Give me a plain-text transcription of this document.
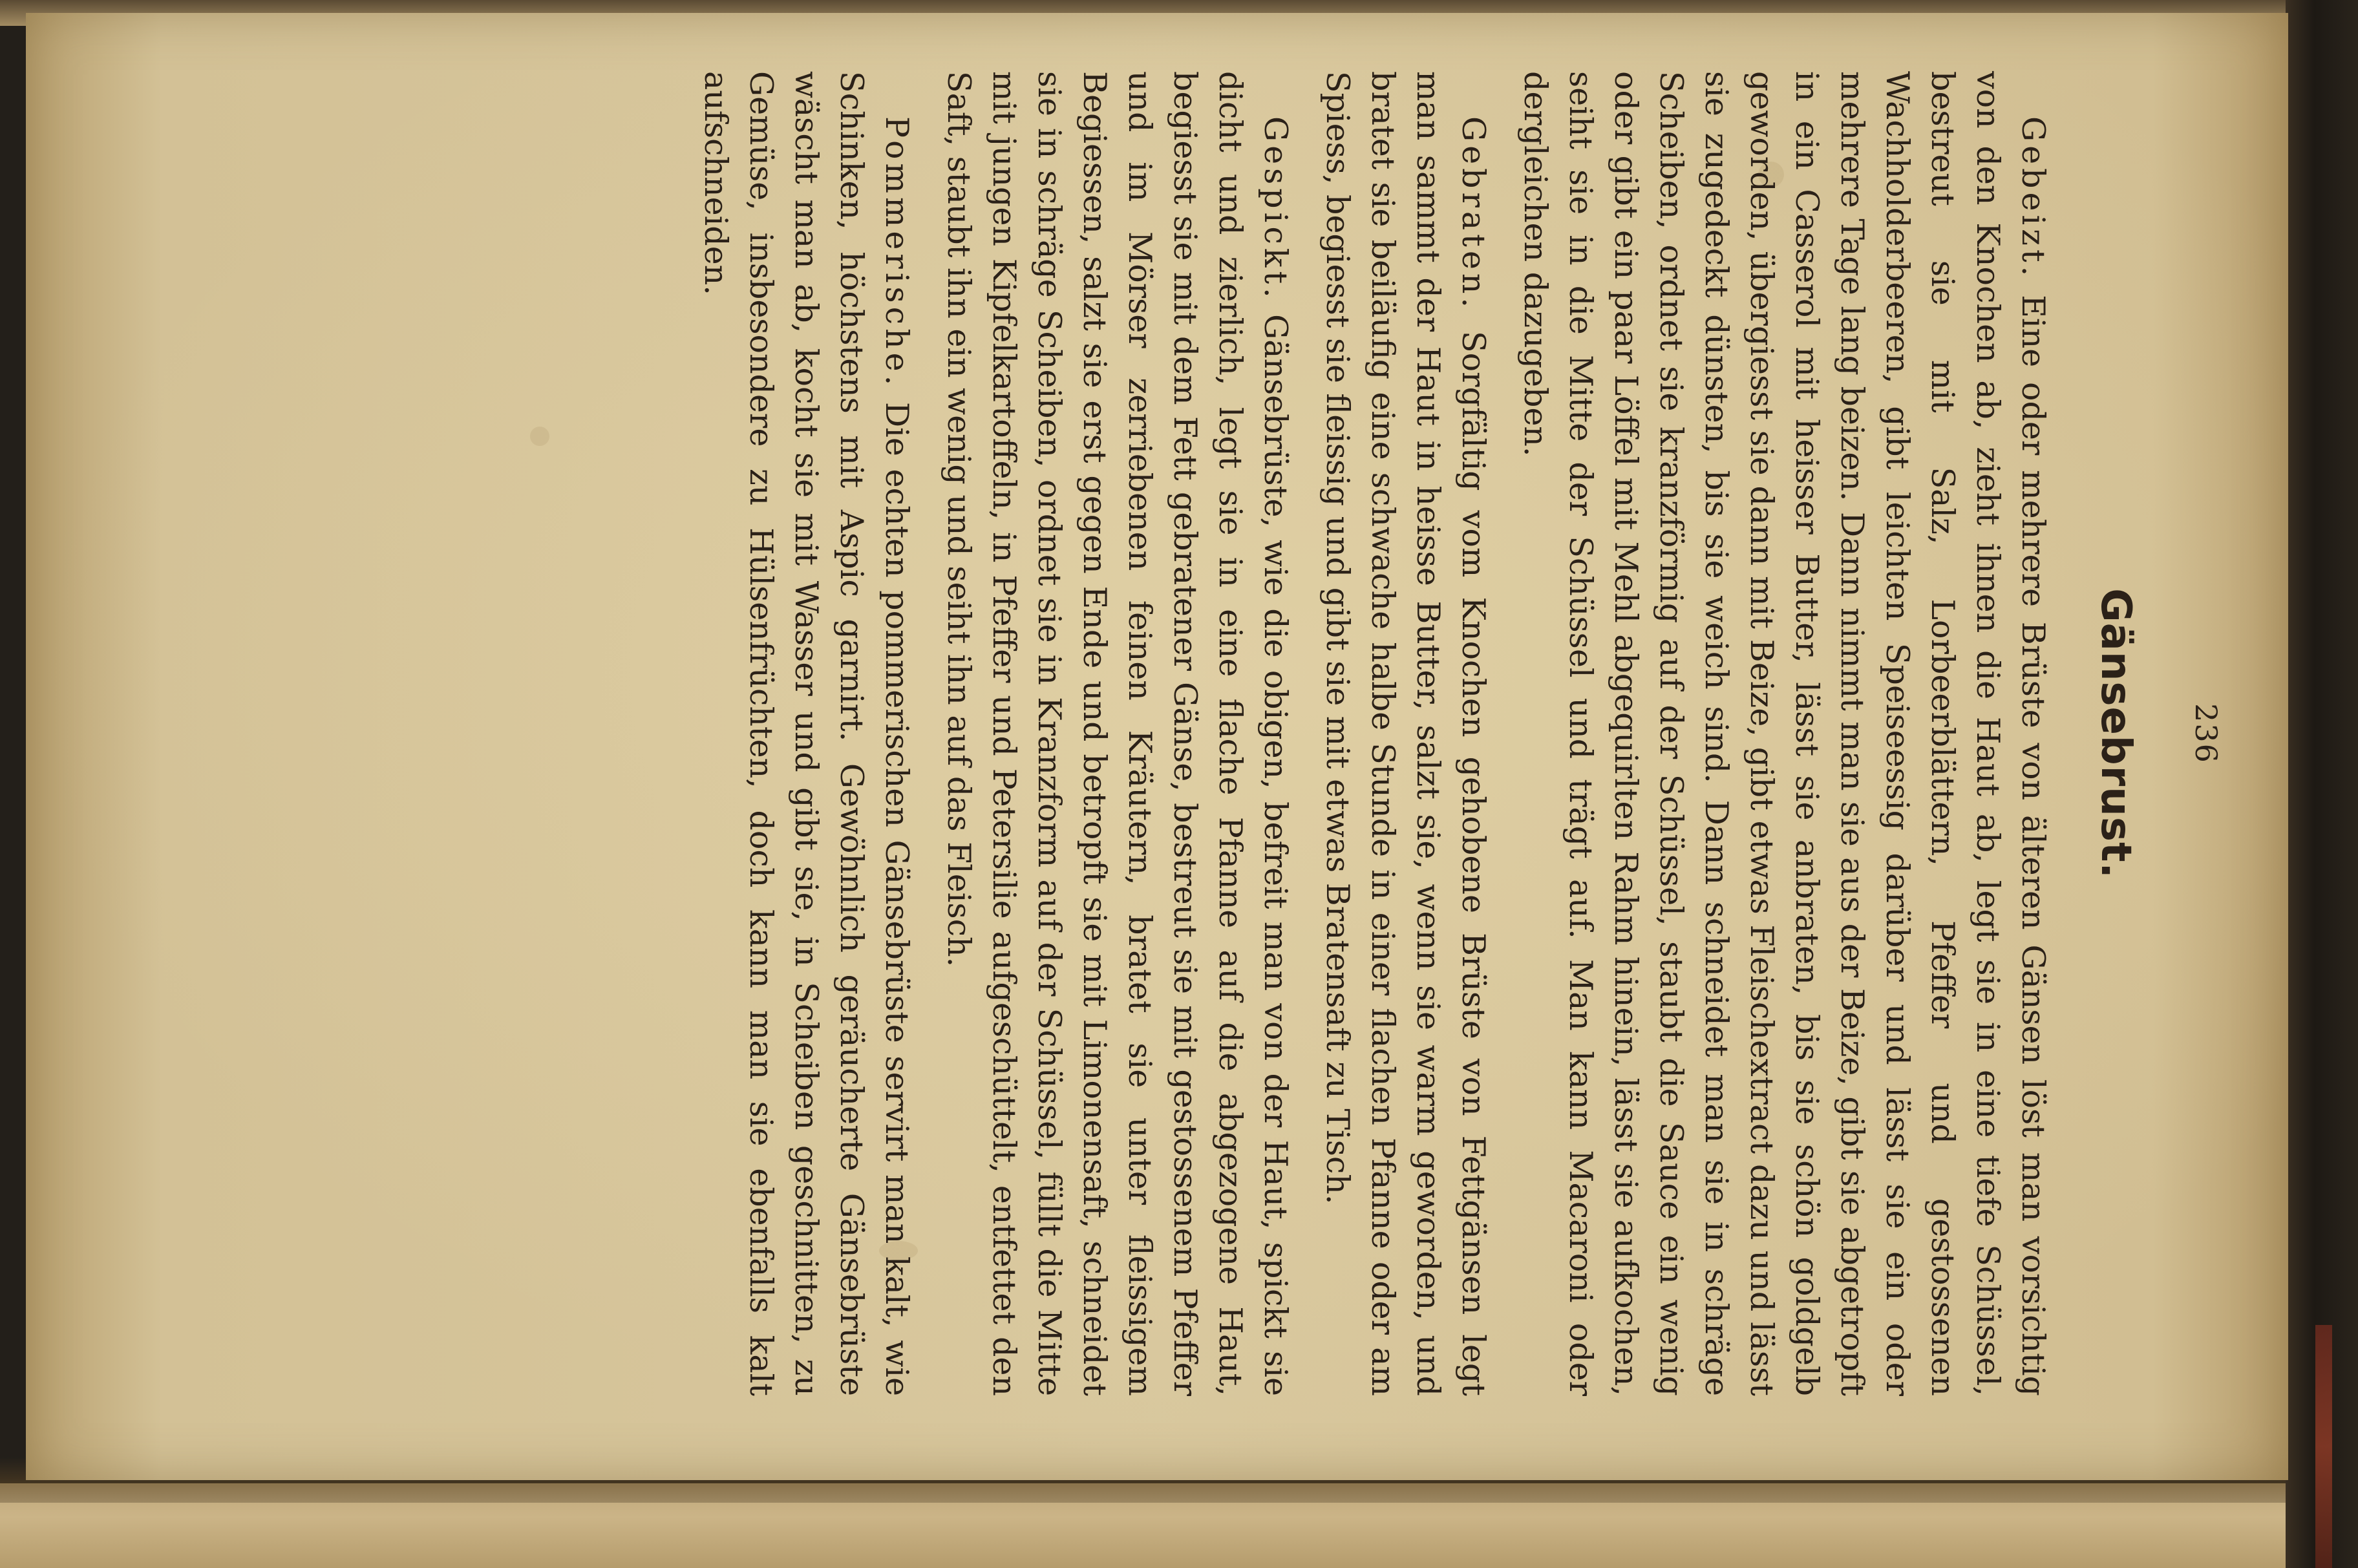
236
Gänsebrust.

Gebeizt. Eine oder mehrere Brüste von älteren Gänsen löst man vorsichtig von den Knochen ab, zieht ihnen die Haut ab, legt sie in eine tiefe Schüssel, bestreut sie mit Salz, Lorbeerblättern, Pfeffer und gestossenen Wachholderbeeren, gibt leichten Speiseessig darüber und lässt sie ein oder mehrere Tage lang beizen. Dann nimmt man sie aus der Beize, gibt sie abgetropft in ein Casserol mit heisser Butter, lässt sie anbraten, bis sie schön goldgelb geworden, übergiesst sie dann mit Beize, gibt etwas Fleischextract dazu und lässt sie zugedeckt dünsten, bis sie weich sind. Dann schneidet man sie in schräge Scheiben, ordnet sie kranzförmig auf der Schüssel, staubt die Sauce ein wenig oder gibt ein paar Löffel mit Mehl abgequirlten Rahm hinein, lässt sie aufkochen, seiht sie in die Mitte der Schüssel und trägt auf. Man kann Macaroni oder dergleichen dazugeben.

Gebraten. Sorgfältig vom Knochen gehobene Brüste von Fettgänsen legt man sammt der Haut in heisse Butter, salzt sie, wenn sie warm geworden, und bratet sie beiläufig eine schwache halbe Stunde in einer flachen Pfanne oder am Spiess, begiesst sie fleissig und gibt sie mit etwas Bratensaft zu Tisch.

Gespickt. Gänsebrüste, wie die obigen, befreit man von der Haut, spickt sie dicht und zierlich, legt sie in eine flache Pfanne auf die abgezogene Haut, begiesst sie mit dem Fett gebratener Gänse, bestreut sie mit gestossenem Pfeffer und im Mörser zerriebenen feinen Kräutern, bratet sie unter fleissigem Begiessen, salzt sie erst gegen Ende und betropft sie mit Limonensaft, schneidet sie in schräge Scheiben, ordnet sie in Kranzform auf der Schüssel, füllt die Mitte mit jungen Kipfelkartoffeln, in Pfeffer und Petersilie aufgeschüttelt, entfettet den Saft, staubt ihn ein wenig und seiht ihn auf das Fleisch.

Pommerische. Die echten pommerischen Gänsebrüste servirt man kalt, wie Schinken, höchstens mit Aspic garnirt. Gewöhnlich geräucherte Gänsebrüste wäscht man ab, kocht sie mit Wasser und gibt sie, in Scheiben geschnitten, zu Gemüse, insbesondere zu Hülsenfrüchten, doch kann man sie ebenfalls kalt aufschneiden.
